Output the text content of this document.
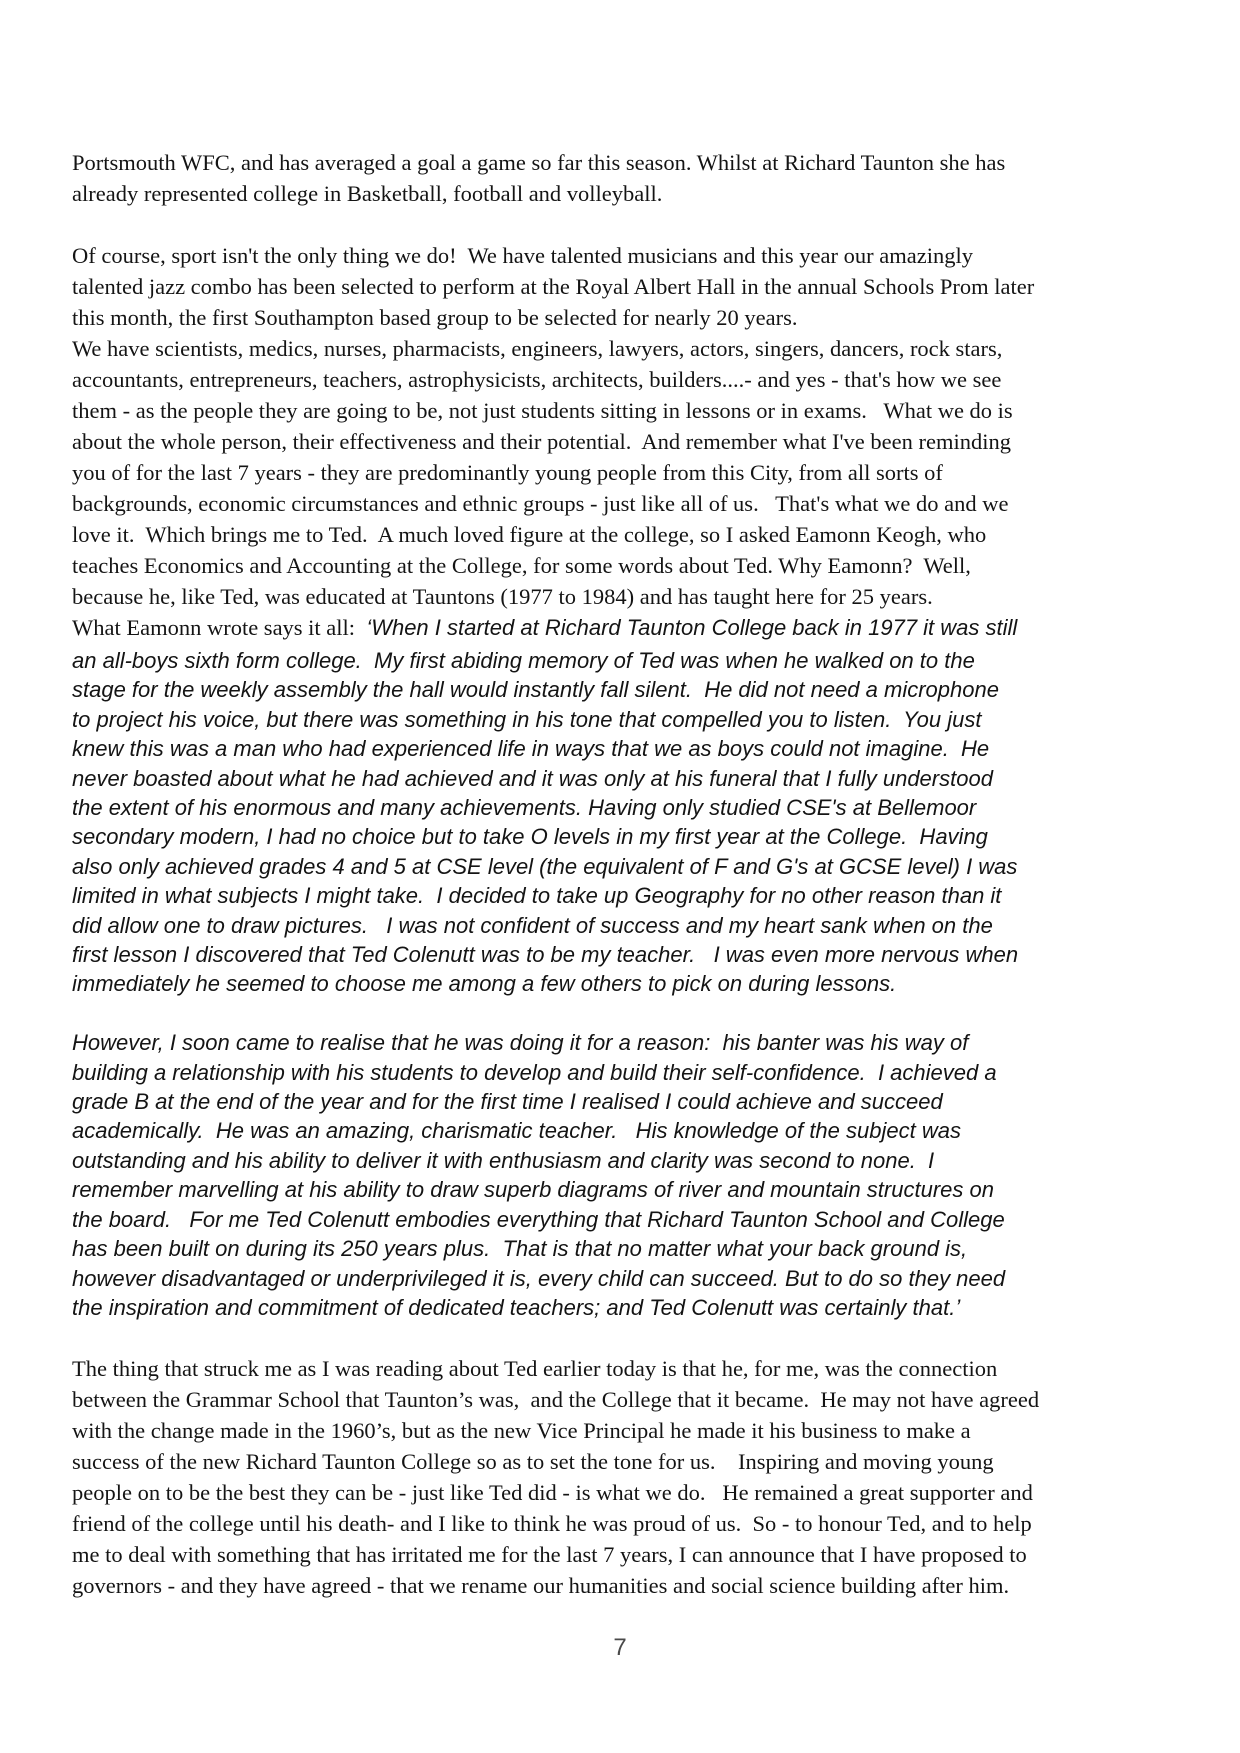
Portsmouth WFC, and has averaged a goal a game so far this season. Whilst at Richard Taunton she has
already represented college in Basketball, football and volleyball.
Of course, sport isn't the only thing we do!  We have talented musicians and this year our amazingly
talented jazz combo has been selected to perform at the Royal Albert Hall in the annual Schools Prom later
this month, the first Southampton based group to be selected for nearly 20 years.
We have scientists, medics, nurses, pharmacists, engineers, lawyers, actors, singers, dancers, rock stars,
accountants, entrepreneurs, teachers, astrophysicists, architects, builders....- and yes - that's how we see
them - as the people they are going to be, not just students sitting in lessons or in exams.   What we do is
about the whole person, their effectiveness and their potential.  And remember what I've been reminding
you of for the last 7 years - they are predominantly young people from this City, from all sorts of
backgrounds, economic circumstances and ethnic groups - just like all of us.   That's what we do and we
love it.  Which brings me to Ted.  A much loved figure at the college, so I asked Eamonn Keogh, who
teaches Economics and Accounting at the College, for some words about Ted. Why Eamonn?  Well,
because he, like Ted, was educated at Tauntons (1977 to 1984) and has taught here for 25 years.
What Eamonn wrote says it all:  ‘When I started at Richard Taunton College back in 1977 it was still
an all-boys sixth form college.  My first abiding memory of Ted was when he walked on to the
stage for the weekly assembly the hall would instantly fall silent.  He did not need a microphone
to project his voice, but there was something in his tone that compelled you to listen.  You just
knew this was a man who had experienced life in ways that we as boys could not imagine.  He
never boasted about what he had achieved and it was only at his funeral that I fully understood
the extent of his enormous and many achievements. Having only studied CSE's at Bellemoor
secondary modern, I had no choice but to take O levels in my first year at the College.  Having
also only achieved grades 4 and 5 at CSE level (the equivalent of F and G's at GCSE level) I was
limited in what subjects I might take.  I decided to take up Geography for no other reason than it
did allow one to draw pictures.   I was not confident of success and my heart sank when on the
first lesson I discovered that Ted Colenutt was to be my teacher.   I was even more nervous when
immediately he seemed to choose me among a few others to pick on during lessons.
However, I soon came to realise that he was doing it for a reason:  his banter was his way of
building a relationship with his students to develop and build their self-confidence.  I achieved a
grade B at the end of the year and for the first time I realised I could achieve and succeed
academically.  He was an amazing, charismatic teacher.   His knowledge of the subject was
outstanding and his ability to deliver it with enthusiasm and clarity was second to none.  I
remember marvelling at his ability to draw superb diagrams of river and mountain structures on
the board.   For me Ted Colenutt embodies everything that Richard Taunton School and College
has been built on during its 250 years plus.  That is that no matter what your back ground is,
however disadvantaged or underprivileged it is, every child can succeed. But to do so they need
the inspiration and commitment of dedicated teachers; and Ted Colenutt was certainly that.’
The thing that struck me as I was reading about Ted earlier today is that he, for me, was the connection
between the Grammar School that Taunton’s was,  and the College that it became.  He may not have agreed
with the change made in the 1960’s, but as the new Vice Principal he made it his business to make a
success of the new Richard Taunton College so as to set the tone for us.    Inspiring and moving young
people on to be the best they can be - just like Ted did - is what we do.   He remained a great supporter and
friend of the college until his death- and I like to think he was proud of us.  So - to honour Ted, and to help
me to deal with something that has irritated me for the last 7 years, I can announce that I have proposed to
governors - and they have agreed - that we rename our humanities and social science building after him.
7
